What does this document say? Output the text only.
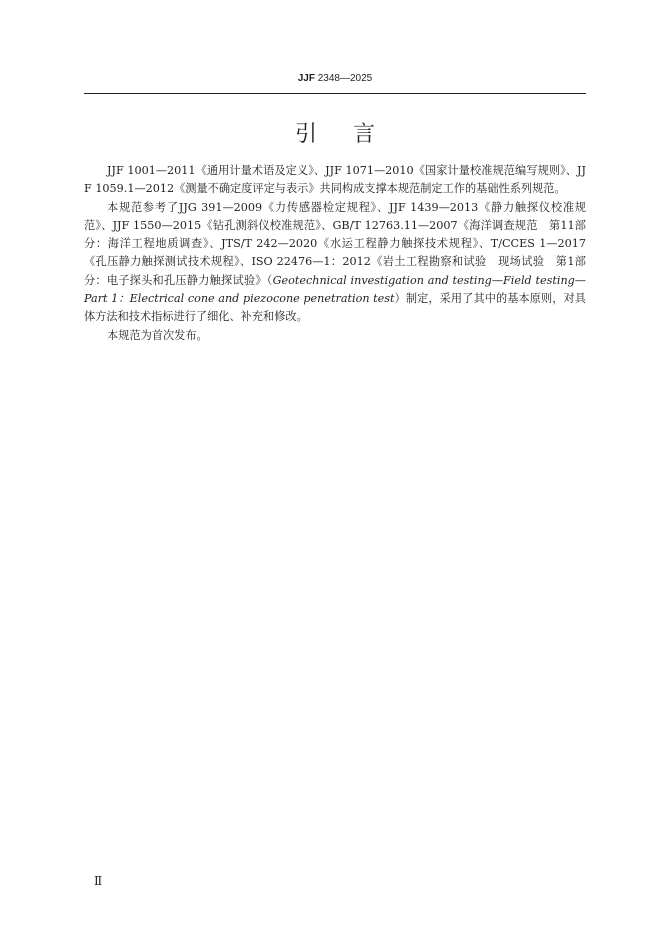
JJF 2348—2025
引言

JJF 1001—2011《通用计量术语及定义》、JJF 1071—2010《国家计量校准规范编写规则》、JJF 1059.1—2012《测量不确定度评定与表示》共同构成支撑本规范制定工作的基础性系列规范。

本规范参考了JJG 391—2009《力传感器检定规程》、JJF 1439—2013《静力触探仪校准规范》、JJF 1550—2015《钻孔测斜仪校准规范》、GB/T 12763.11—2007《海洋调查规范　第11部分：海洋工程地质调查》、JTS/T 242—2020《水运工程静力触探技术规程》、T/CCES 1—2017《孔压静力触探测试技术规程》、ISO 22476—1：2012《岩土工程勘察和试验　现场试验　第1部分：电子探头和孔压静力触探试验》（Geotechnical investigation and testing—Field testing—Part 1：Electrical cone and piezocone penetration test）制定，采用了其中的基本原则，对具体方法和技术指标进行了细化、补充和修改。

本规范为首次发布。

Ⅱ
